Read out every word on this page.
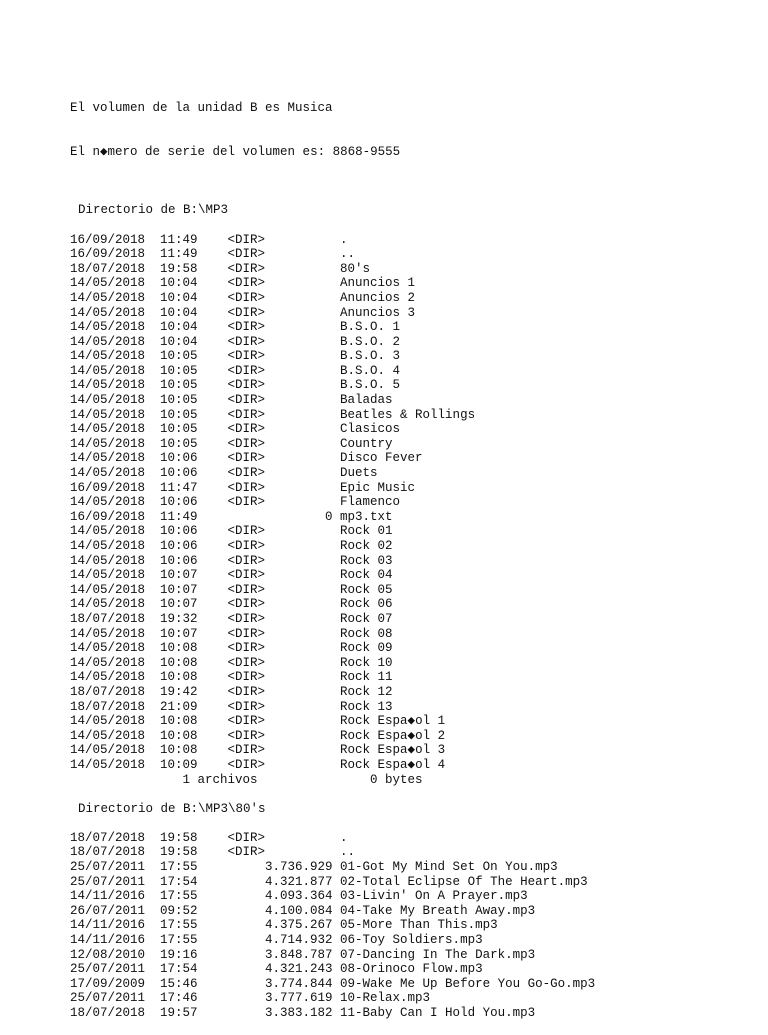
El volumen de la unidad B es Musica

El n◆mero de serie del volumen es: 8868-9555

Directorio de B:\MP3
16/09/2018  11:49    <DIR>          .
16/09/2018  11:49    <DIR>          ..
18/07/2018  19:58    <DIR>          80's
14/05/2018  10:04    <DIR>          Anuncios 1
14/05/2018  10:04    <DIR>          Anuncios 2
14/05/2018  10:04    <DIR>          Anuncios 3
14/05/2018  10:04    <DIR>          B.S.O. 1
14/05/2018  10:04    <DIR>          B.S.O. 2
14/05/2018  10:05    <DIR>          B.S.O. 3
14/05/2018  10:05    <DIR>          B.S.O. 4
14/05/2018  10:05    <DIR>          B.S.O. 5
14/05/2018  10:05    <DIR>          Baladas
14/05/2018  10:05    <DIR>          Beatles & Rollings
14/05/2018  10:05    <DIR>          Clasicos
14/05/2018  10:05    <DIR>          Country
14/05/2018  10:06    <DIR>          Disco Fever
14/05/2018  10:06    <DIR>          Duets
16/09/2018  11:47    <DIR>          Epic Music
14/05/2018  10:06    <DIR>          Flamenco
16/09/2018  11:49                 0 mp3.txt
14/05/2018  10:06    <DIR>          Rock 01
14/05/2018  10:06    <DIR>          Rock 02
14/05/2018  10:06    <DIR>          Rock 03
14/05/2018  10:07    <DIR>          Rock 04
14/05/2018  10:07    <DIR>          Rock 05
14/05/2018  10:07    <DIR>          Rock 06
18/07/2018  19:32    <DIR>          Rock 07
14/05/2018  10:07    <DIR>          Rock 08
14/05/2018  10:08    <DIR>          Rock 09
14/05/2018  10:08    <DIR>          Rock 10
14/05/2018  10:08    <DIR>          Rock 11
18/07/2018  19:42    <DIR>          Rock 12
18/07/2018  21:09    <DIR>          Rock 13
14/05/2018  10:08    <DIR>          Rock Espa◆ol 1
14/05/2018  10:08    <DIR>          Rock Espa◆ol 2
14/05/2018  10:08    <DIR>          Rock Espa◆ol 3
14/05/2018  10:09    <DIR>          Rock Espa◆ol 4
1 archivos               0 bytes
Directorio de B:\MP3\80's
18/07/2018  19:58    <DIR>          .
18/07/2018  19:58    <DIR>          ..
25/07/2011  17:55         3.736.929 01-Got My Mind Set On You.mp3
25/07/2011  17:54         4.321.877 02-Total Eclipse Of The Heart.mp3
14/11/2016  17:55         4.093.364 03-Livin' On A Prayer.mp3
26/07/2011  09:52         4.100.084 04-Take My Breath Away.mp3
14/11/2016  17:55         4.375.267 05-More Than This.mp3
14/11/2016  17:55         4.714.932 06-Toy Soldiers.mp3
12/08/2010  19:16         3.848.787 07-Dancing In The Dark.mp3
25/07/2011  17:54         4.321.243 08-Orinoco Flow.mp3
17/09/2009  15:46         3.774.844 09-Wake Me Up Before You Go-Go.mp3
25/07/2011  17:46         3.777.619 10-Relax.mp3
18/07/2018  19:57         3.383.182 11-Baby Can I Hold You.mp3
